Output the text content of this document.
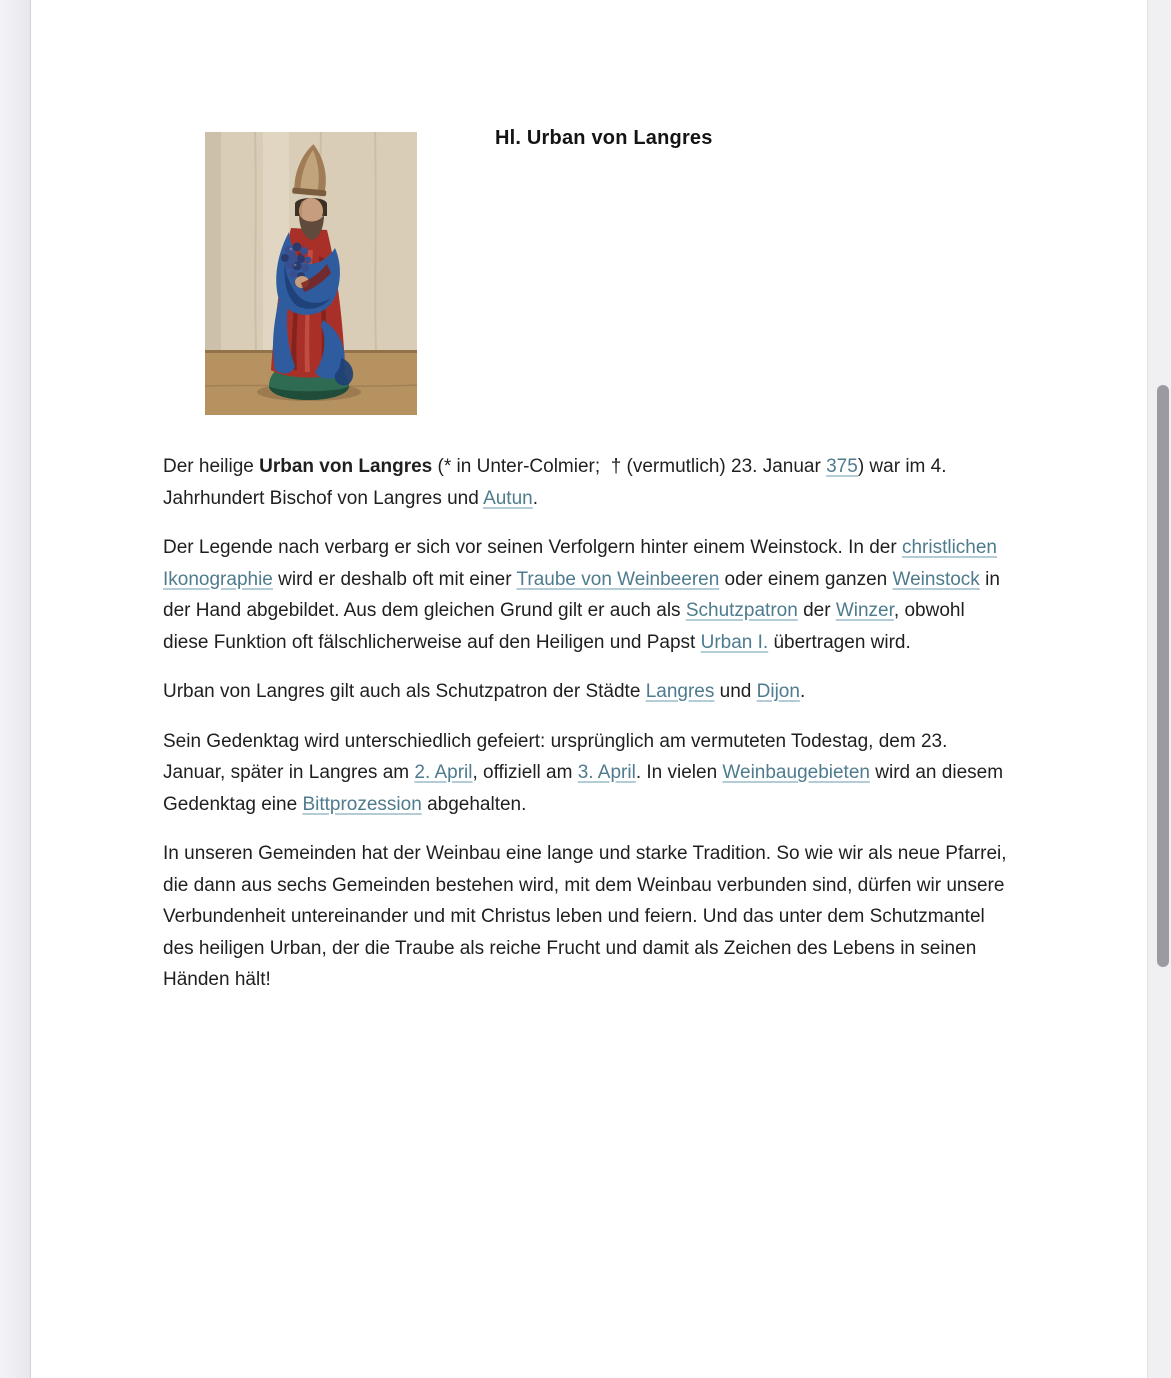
Hl. Urban von Langres

Der heilige Urban von Langres (* in Unter-Colmier;  † (vermutlich) 23. Januar 375) war im 4. Jahrhundert Bischof von Langres und Autun.

Der Legende nach verbarg er sich vor seinen Verfolgern hinter einem Weinstock. In der christlichen Ikonographie wird er deshalb oft mit einer Traube von Weinbeeren oder einem ganzen Weinstock in der Hand abgebildet. Aus dem gleichen Grund gilt er auch als Schutzpatron der Winzer, obwohl diese Funktion oft fälschlicherweise auf den Heiligen und Papst Urban I. übertragen wird.

Urban von Langres gilt auch als Schutzpatron der Städte Langres und Dijon.

Sein Gedenktag wird unterschiedlich gefeiert: ursprünglich am vermuteten Todestag, dem 23. Januar, später in Langres am 2. April, offiziell am 3. April. In vielen Weinbaugebieten wird an diesem Gedenktag eine Bittprozession abgehalten.

In unseren Gemeinden hat der Weinbau eine lange und starke Tradition. So wie wir als neue Pfarrei, die dann aus sechs Gemeinden bestehen wird, mit dem Weinbau verbunden sind, dürfen wir unsere Verbundenheit untereinander und mit Christus leben und feiern. Und das unter dem Schutzmantel des heiligen Urban, der die Traube als reiche Frucht und damit als Zeichen des Lebens in seinen Händen hält!
